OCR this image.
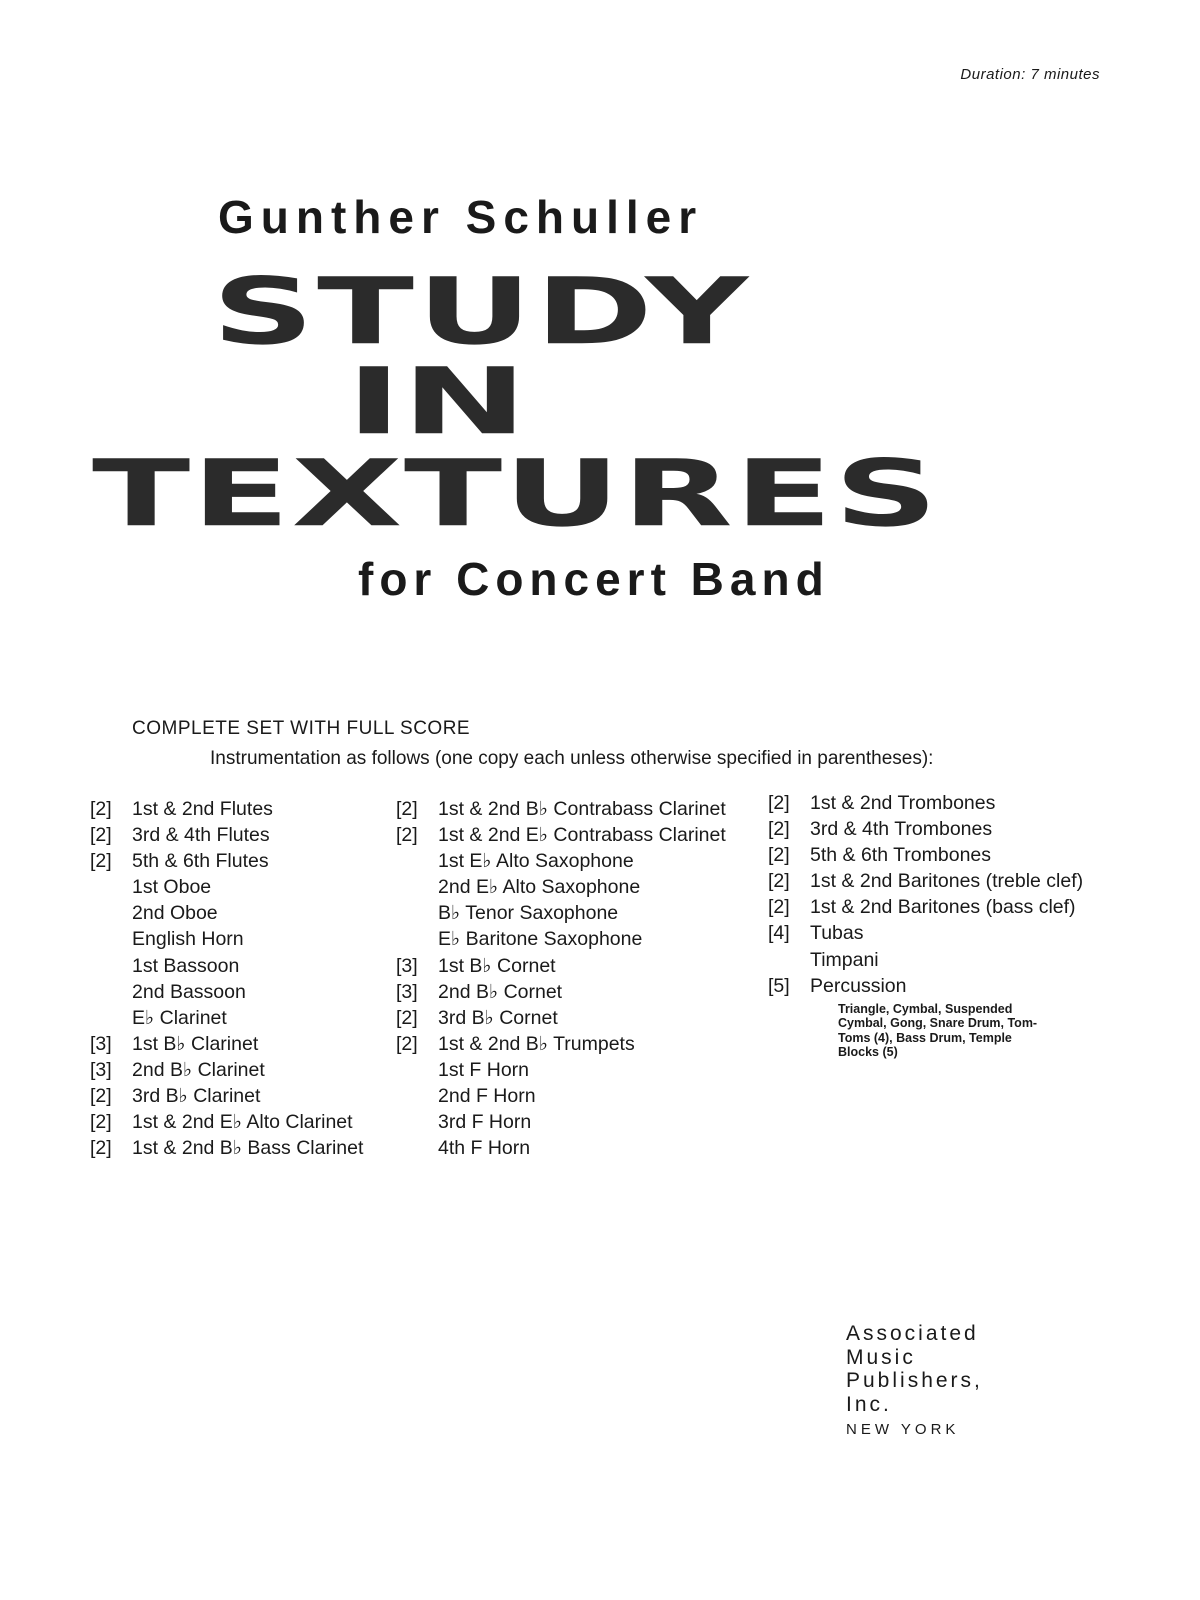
Duration: 7 minutes
Gunther Schuller
STUDY
IN
TEXTURES
for Concert Band
COMPLETE SET WITH FULL SCORE
Instrumentation as follows (one copy each unless otherwise specified in parentheses):
[2]	1st & 2nd Flutes
[2]	3rd & 4th Flutes
[2]	5th & 6th Flutes
1st Oboe
2nd Oboe
English Horn
1st Bassoon
2nd Bassoon
E♭ Clarinet
[3]	1st B♭ Clarinet
[3]	2nd B♭ Clarinet
[2]	3rd B♭ Clarinet
[2]	1st & 2nd E♭ Alto Clarinet
[2]	1st & 2nd B♭ Bass Clarinet
[2]	1st & 2nd B♭ Contrabass Clarinet
[2]	1st & 2nd E♭ Contrabass Clarinet
1st E♭ Alto Saxophone
2nd E♭ Alto Saxophone
B♭ Tenor Saxophone
E♭ Baritone Saxophone
[3]	1st B♭ Cornet
[3]	2nd B♭ Cornet
[2]	3rd B♭ Cornet
[2]	1st & 2nd B♭ Trumpets
1st F Horn
2nd F Horn
3rd F Horn
4th F Horn
[2]	1st & 2nd Trombones
[2]	3rd & 4th Trombones
[2]	5th & 6th Trombones
[2]	1st & 2nd Baritones (treble clef)
[2]	1st & 2nd Baritones (bass clef)
[4]	Tubas
Timpani
[5]	Percussion
Triangle, Cymbal, Suspended Cymbal, Gong, Snare Drum, Tom-Toms (4), Bass Drum, Temple Blocks (5)
Associated
Music
Publishers,
Inc.
NEW YORK
